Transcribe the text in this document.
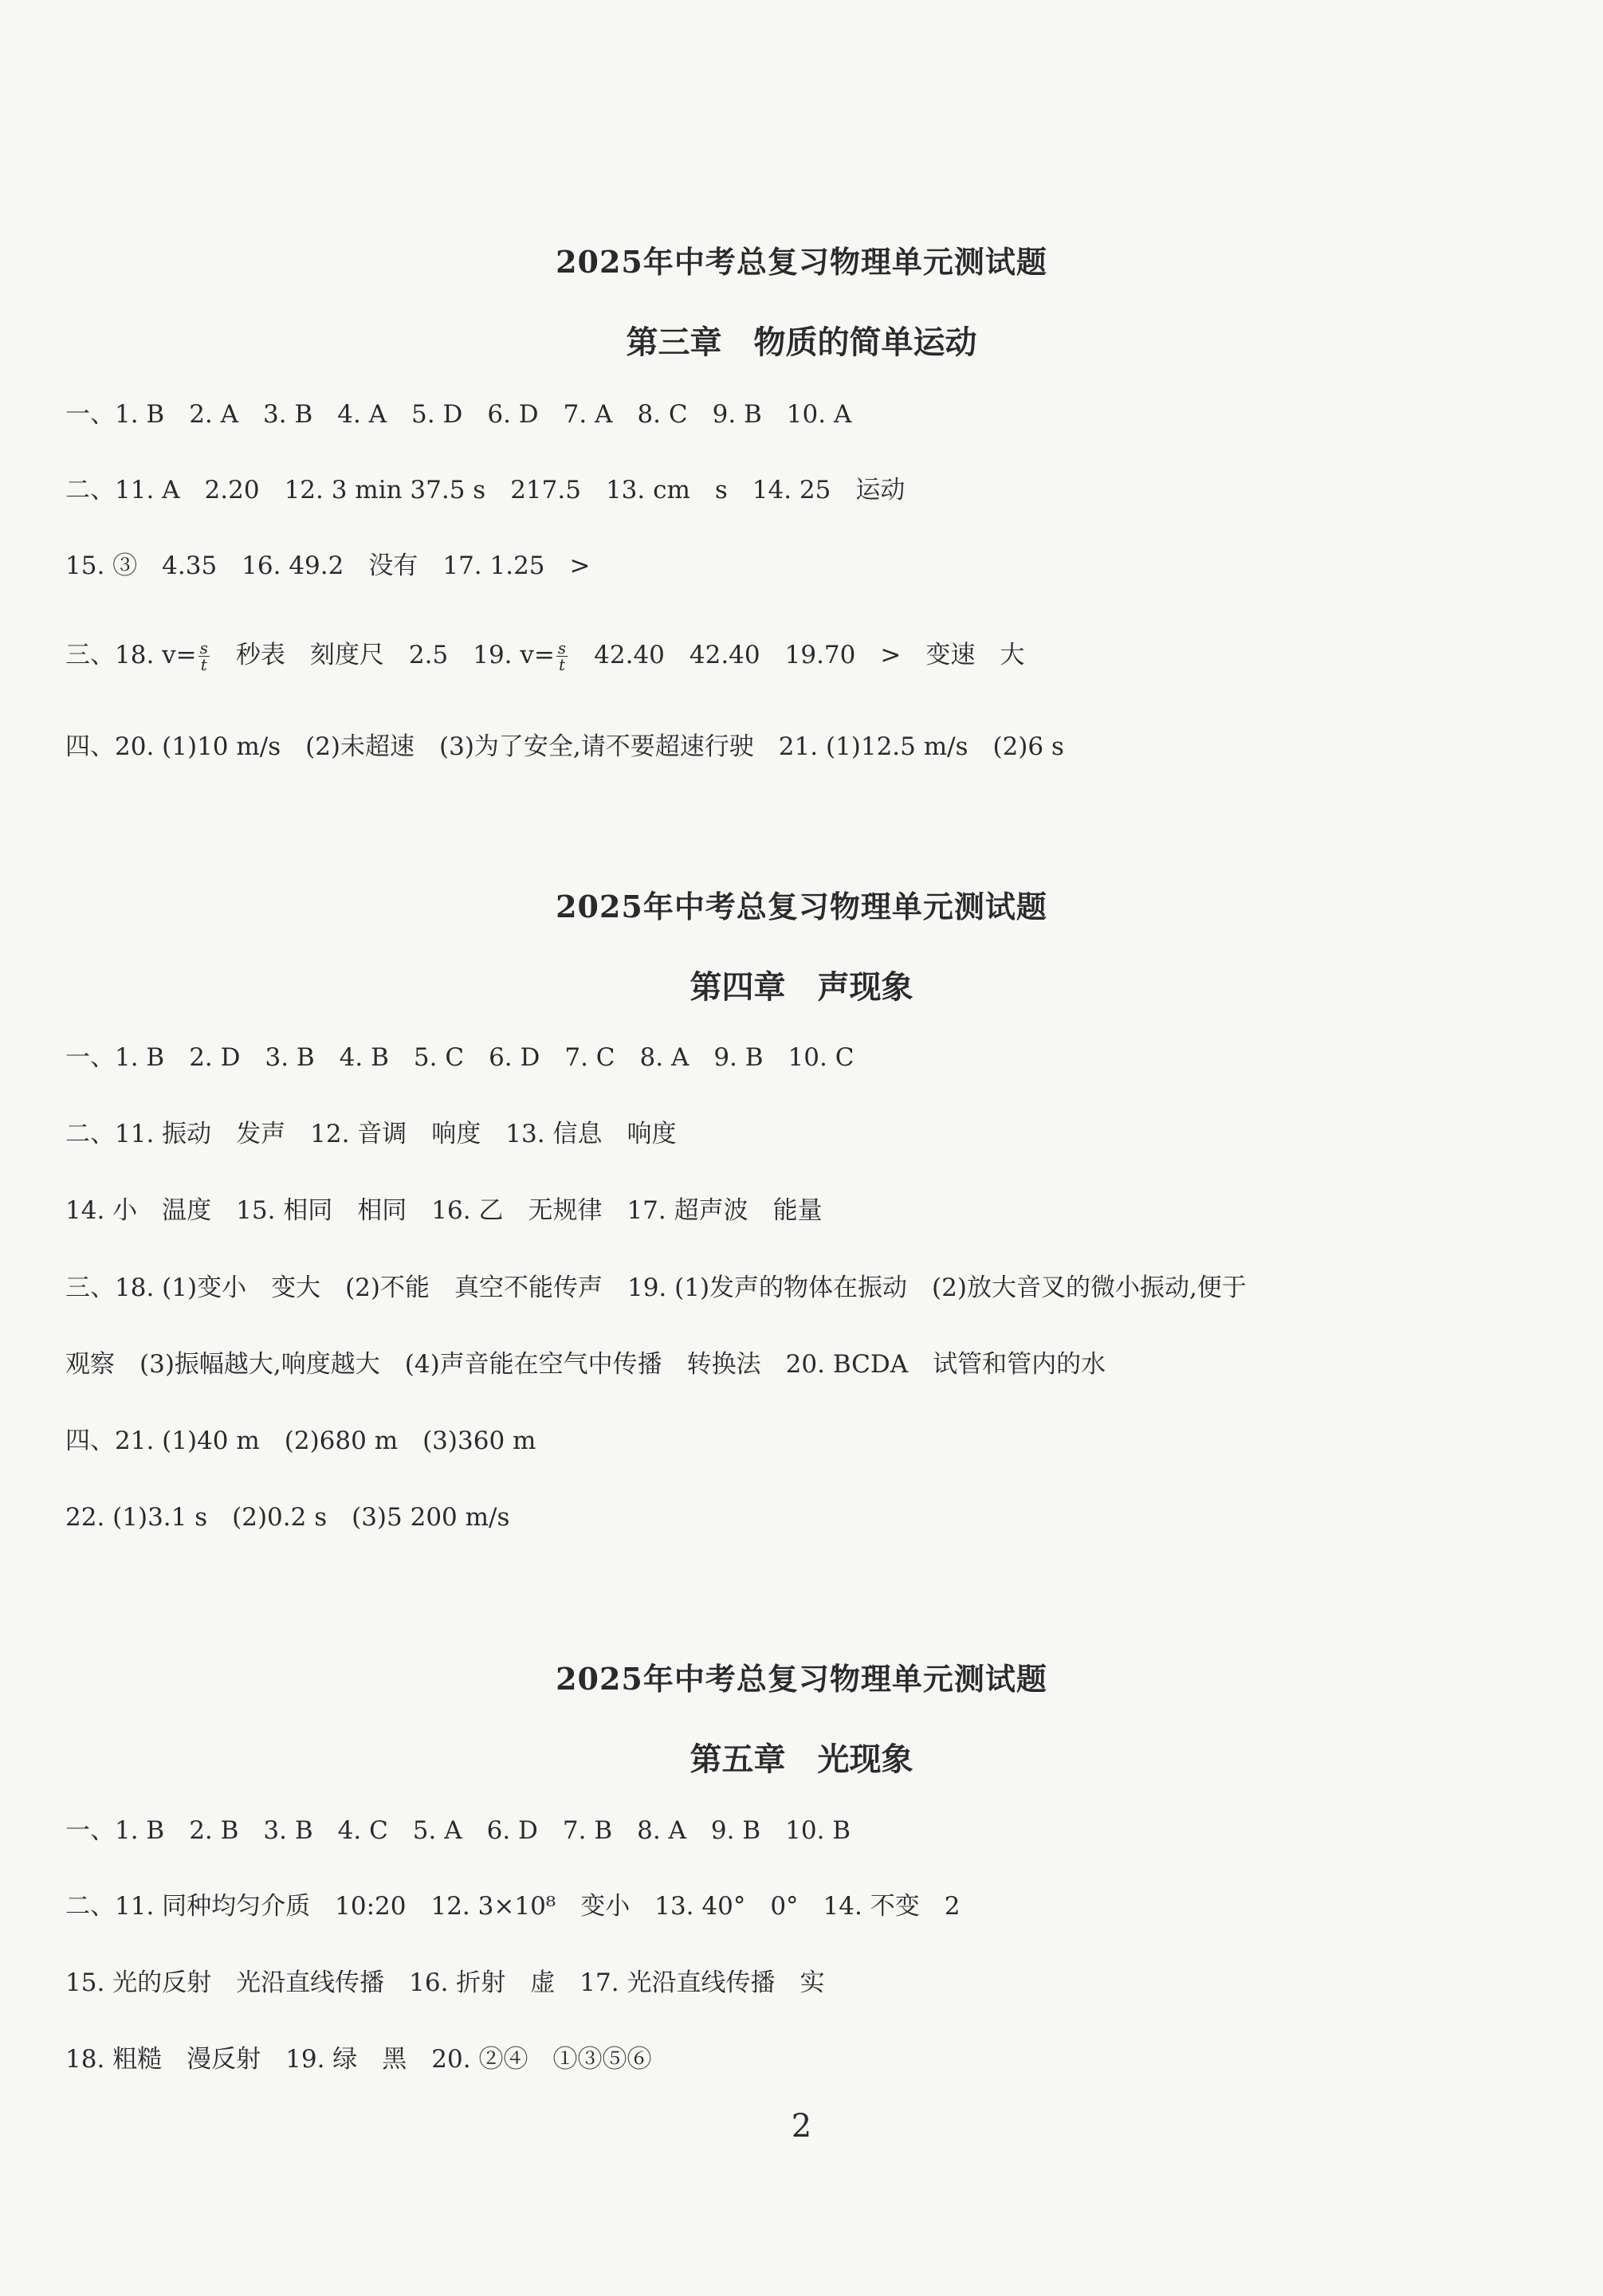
2025年中考总复习物理单元测试题
第三章　物质的简单运动
一、1. B　2. A　3. B　4. A　5. D　6. D　7. A　8. C　9. B　10. A
二、11. A　2.20　12. 3 min 37.5 s　217.5　13. cm　s　14. 25　运动
15. ③　4.35　16. 49.2　没有　17. 1.25　>
三、18. $v= \frac{s}{t}$ 　秒表　刻度尺　2.5　19. $v= \frac{s}{t}$
　 42.40　42.40　19.70　>　变速　大
四、20. (1)10 m/s　(2)未超速　(3)为了安全,请不要超速行驶　21. (1)12.5 m/s　(2)6 s
2025年中考总复习物理单元测试题
第四章　声现象
一、1. B　2. D　3. B　4. B　5. C　6. D　7. C　8. A　9. B　10. C
二、11. 振动　发声　12. 音调　响度　13. 信息　响度
14. 小　温度　15. 相同　相同　16. 乙　无规律　17. 超声波　能量
三、18. (1)变小　变大　(2)不能　真空不能传声　19. (1)发声的物体在振动　(2)放大音叉的微小振动,便于
观察　(3)振幅越大,响度越大　(4)声音能在空气中传播　转换法　20. BCDA　试管和管内的水
四、21. (1)40 m　(2)680 m　(3)360 m
22. (1)3.1 s　(2)0.2 s　(3)5 200 m/s
2025年中考总复习物理单元测试题
第五章　光现象
一、1. B　2. B　3. B　4. C　5. A　6. D　7. B　8. A　9. B　10. B
二、11. 同种均匀介质　10:20　12. 3×10⁸　变小　13. 40°　0°　14. 不变　2
15. 光的反射　光沿直线传播　16. 折射　虚　17. 光沿直线传播　实
18. 粗糙　漫反射　19. 绿　黑　20. ②④　①③⑤⑥
2
